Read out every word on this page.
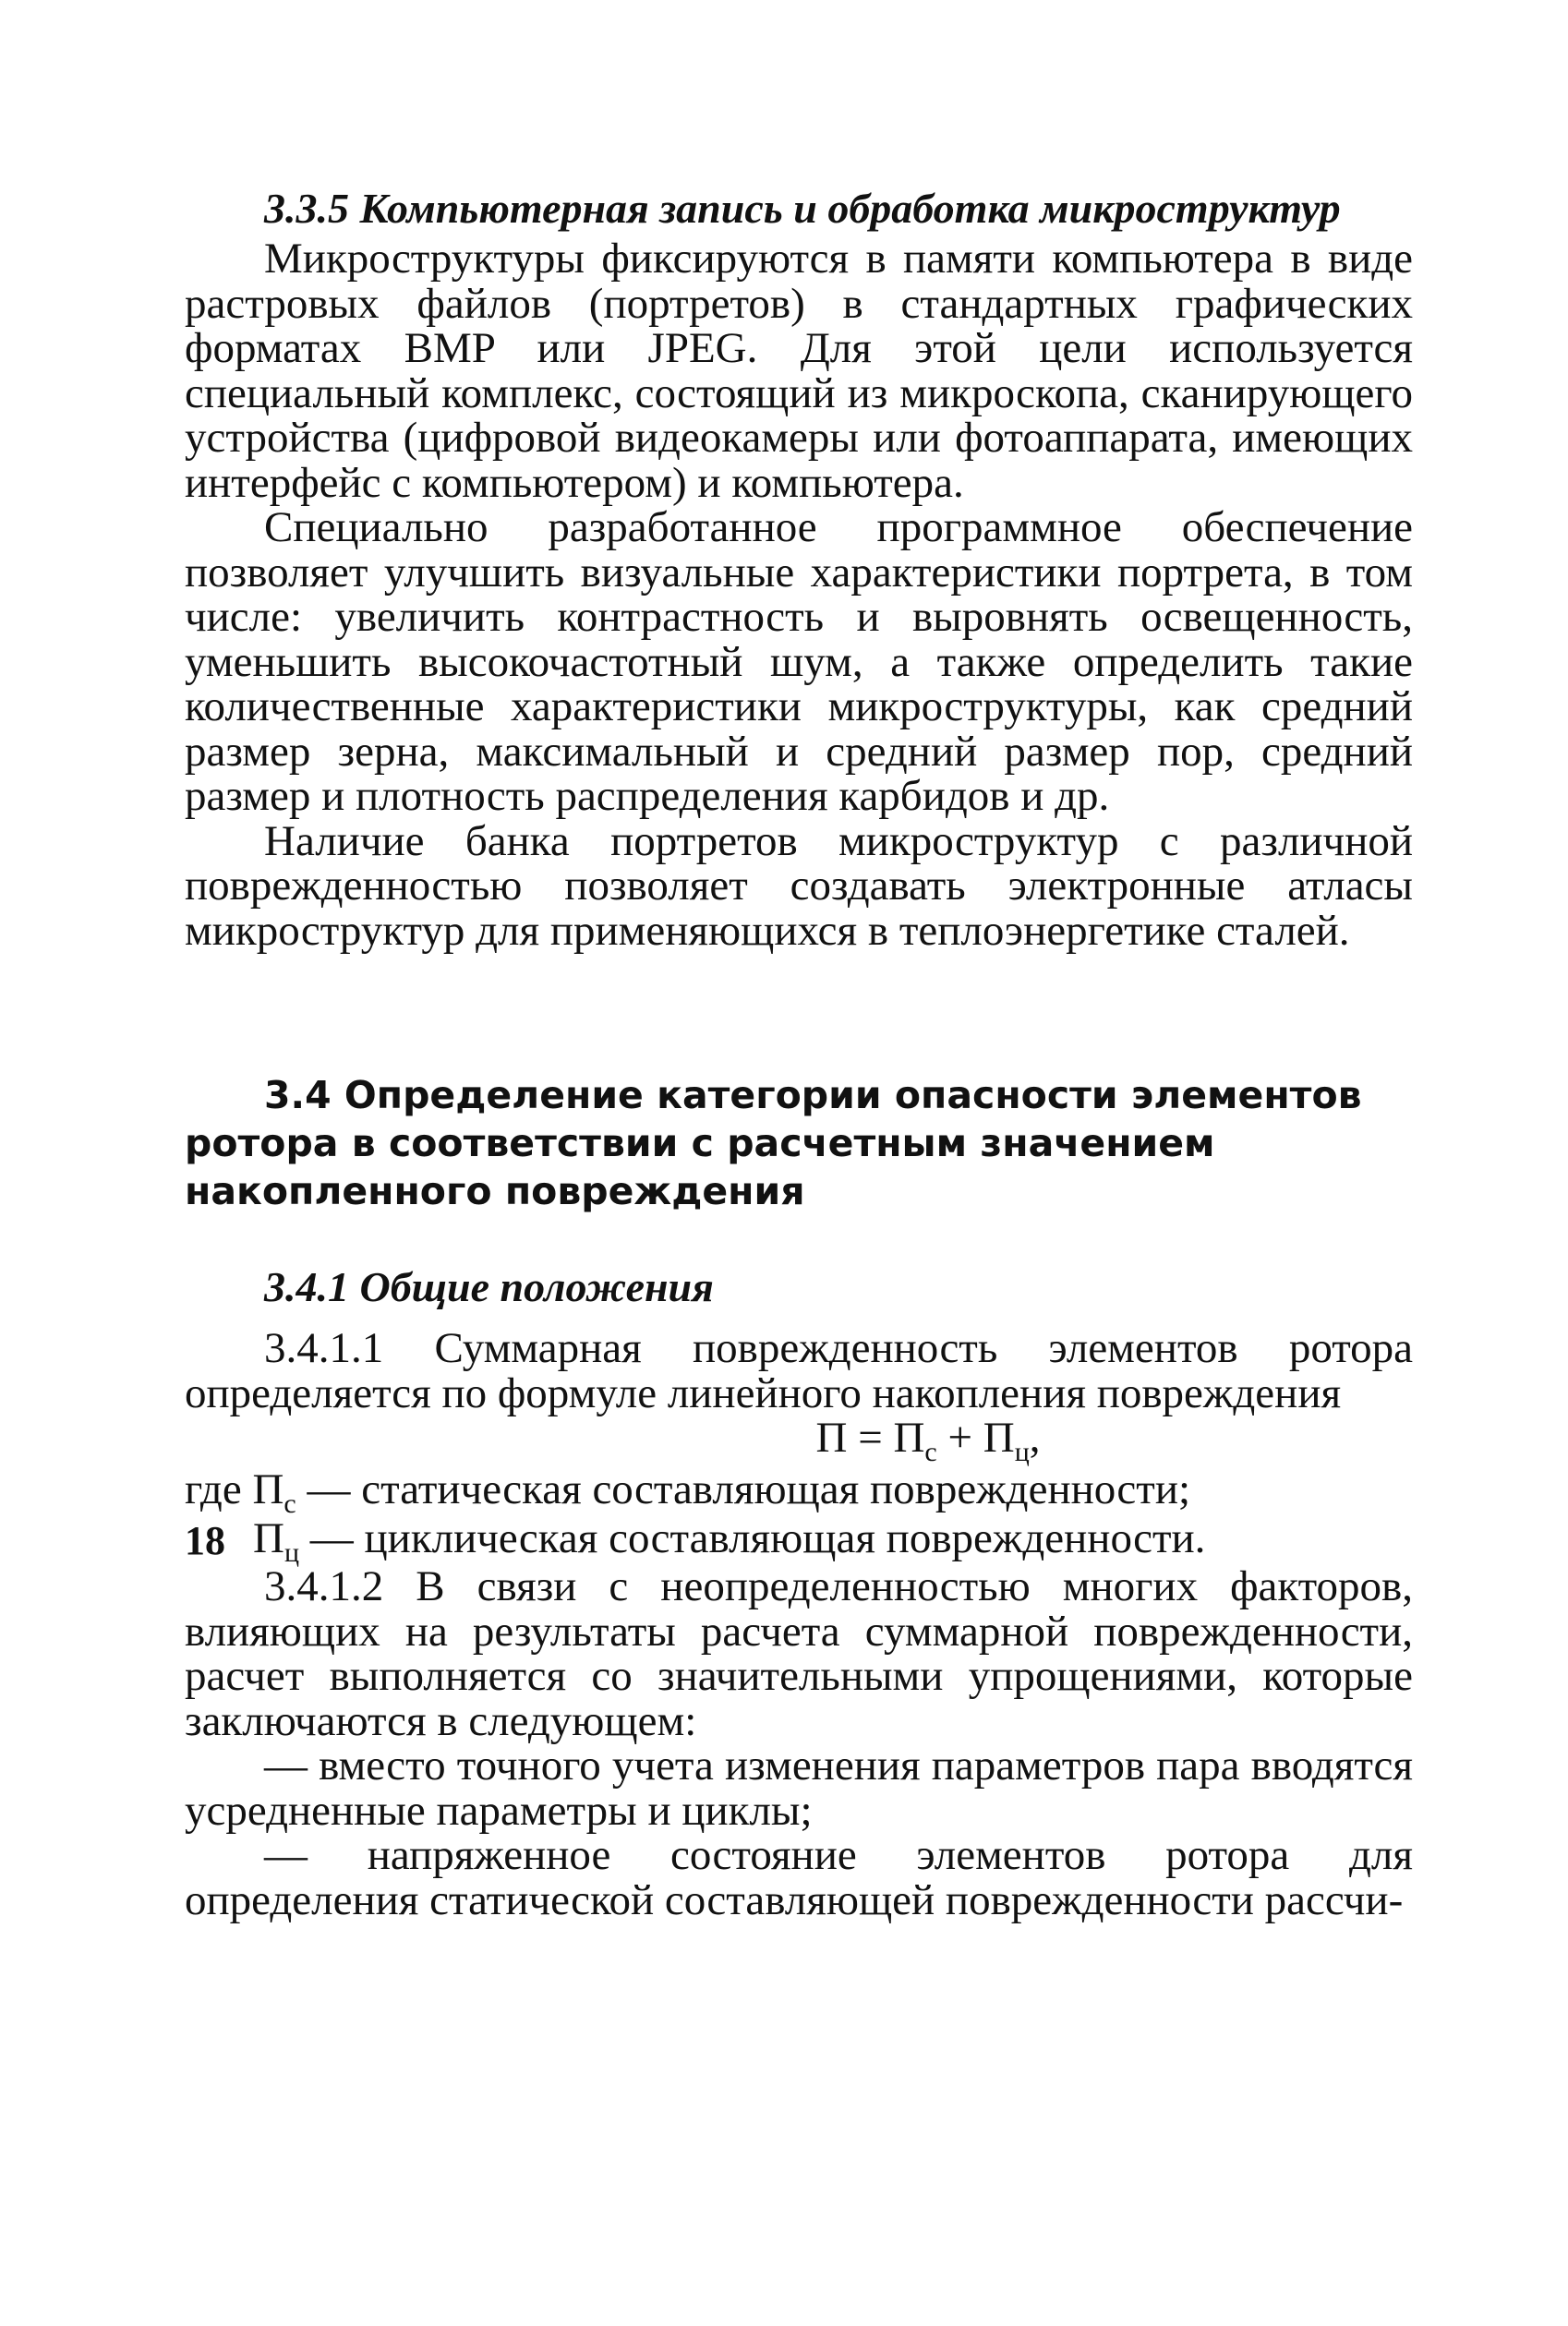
3.3.5 Компьютерная запись и обработка микроструктур

Микроструктуры фиксируются в памяти компьютера в виде растровых файлов (портретов) в стандартных графических форматах BMP или JPEG. Для этой цели используется специальный комплекс, состоящий из микроскопа, сканирующего устройства (цифровой видеокамеры или фотоаппарата, имеющих интерфейс с компьютером) и компьютера.

Специально разработанное программное обеспечение позволяет улучшить визуальные характеристики портрета, в том числе: увеличить контрастность и выровнять освещенность, уменьшить высокочастотный шум, а также определить такие количественные характеристики микроструктуры, как средний размер зерна, максимальный и средний размер пор, средний размер и плотность распределения карбидов и др.

Наличие банка портретов микроструктур с различной поврежденностью позволяет создавать электронные атласы микроструктур для применяющихся в теплоэнергетике сталей.

3.4 Определение категории опасности элементов ротора в соответствии с расчетным значением накопленного повреждения

3.4.1 Общие положения

3.4.1.1 Суммарная поврежденность элементов ротора определяется по формуле линейного накопления повреждения

$П = П_с + П_ц$,

где $П_с$ — статическая составляющая поврежденности;

$П_ц$ — циклическая составляющая поврежденности.

3.4.1.2 В связи с неопределенностью многих факторов, влияющих на результаты расчета суммарной поврежденности, расчет выполняется со значительными упрощениями, которые заключаются в следующем:

— вместо точного учета изменения параметров пара вводятся усредненные параметры и циклы;

— напряженное состояние элементов ротора для определения статической составляющей поврежденности рассчи-

18
